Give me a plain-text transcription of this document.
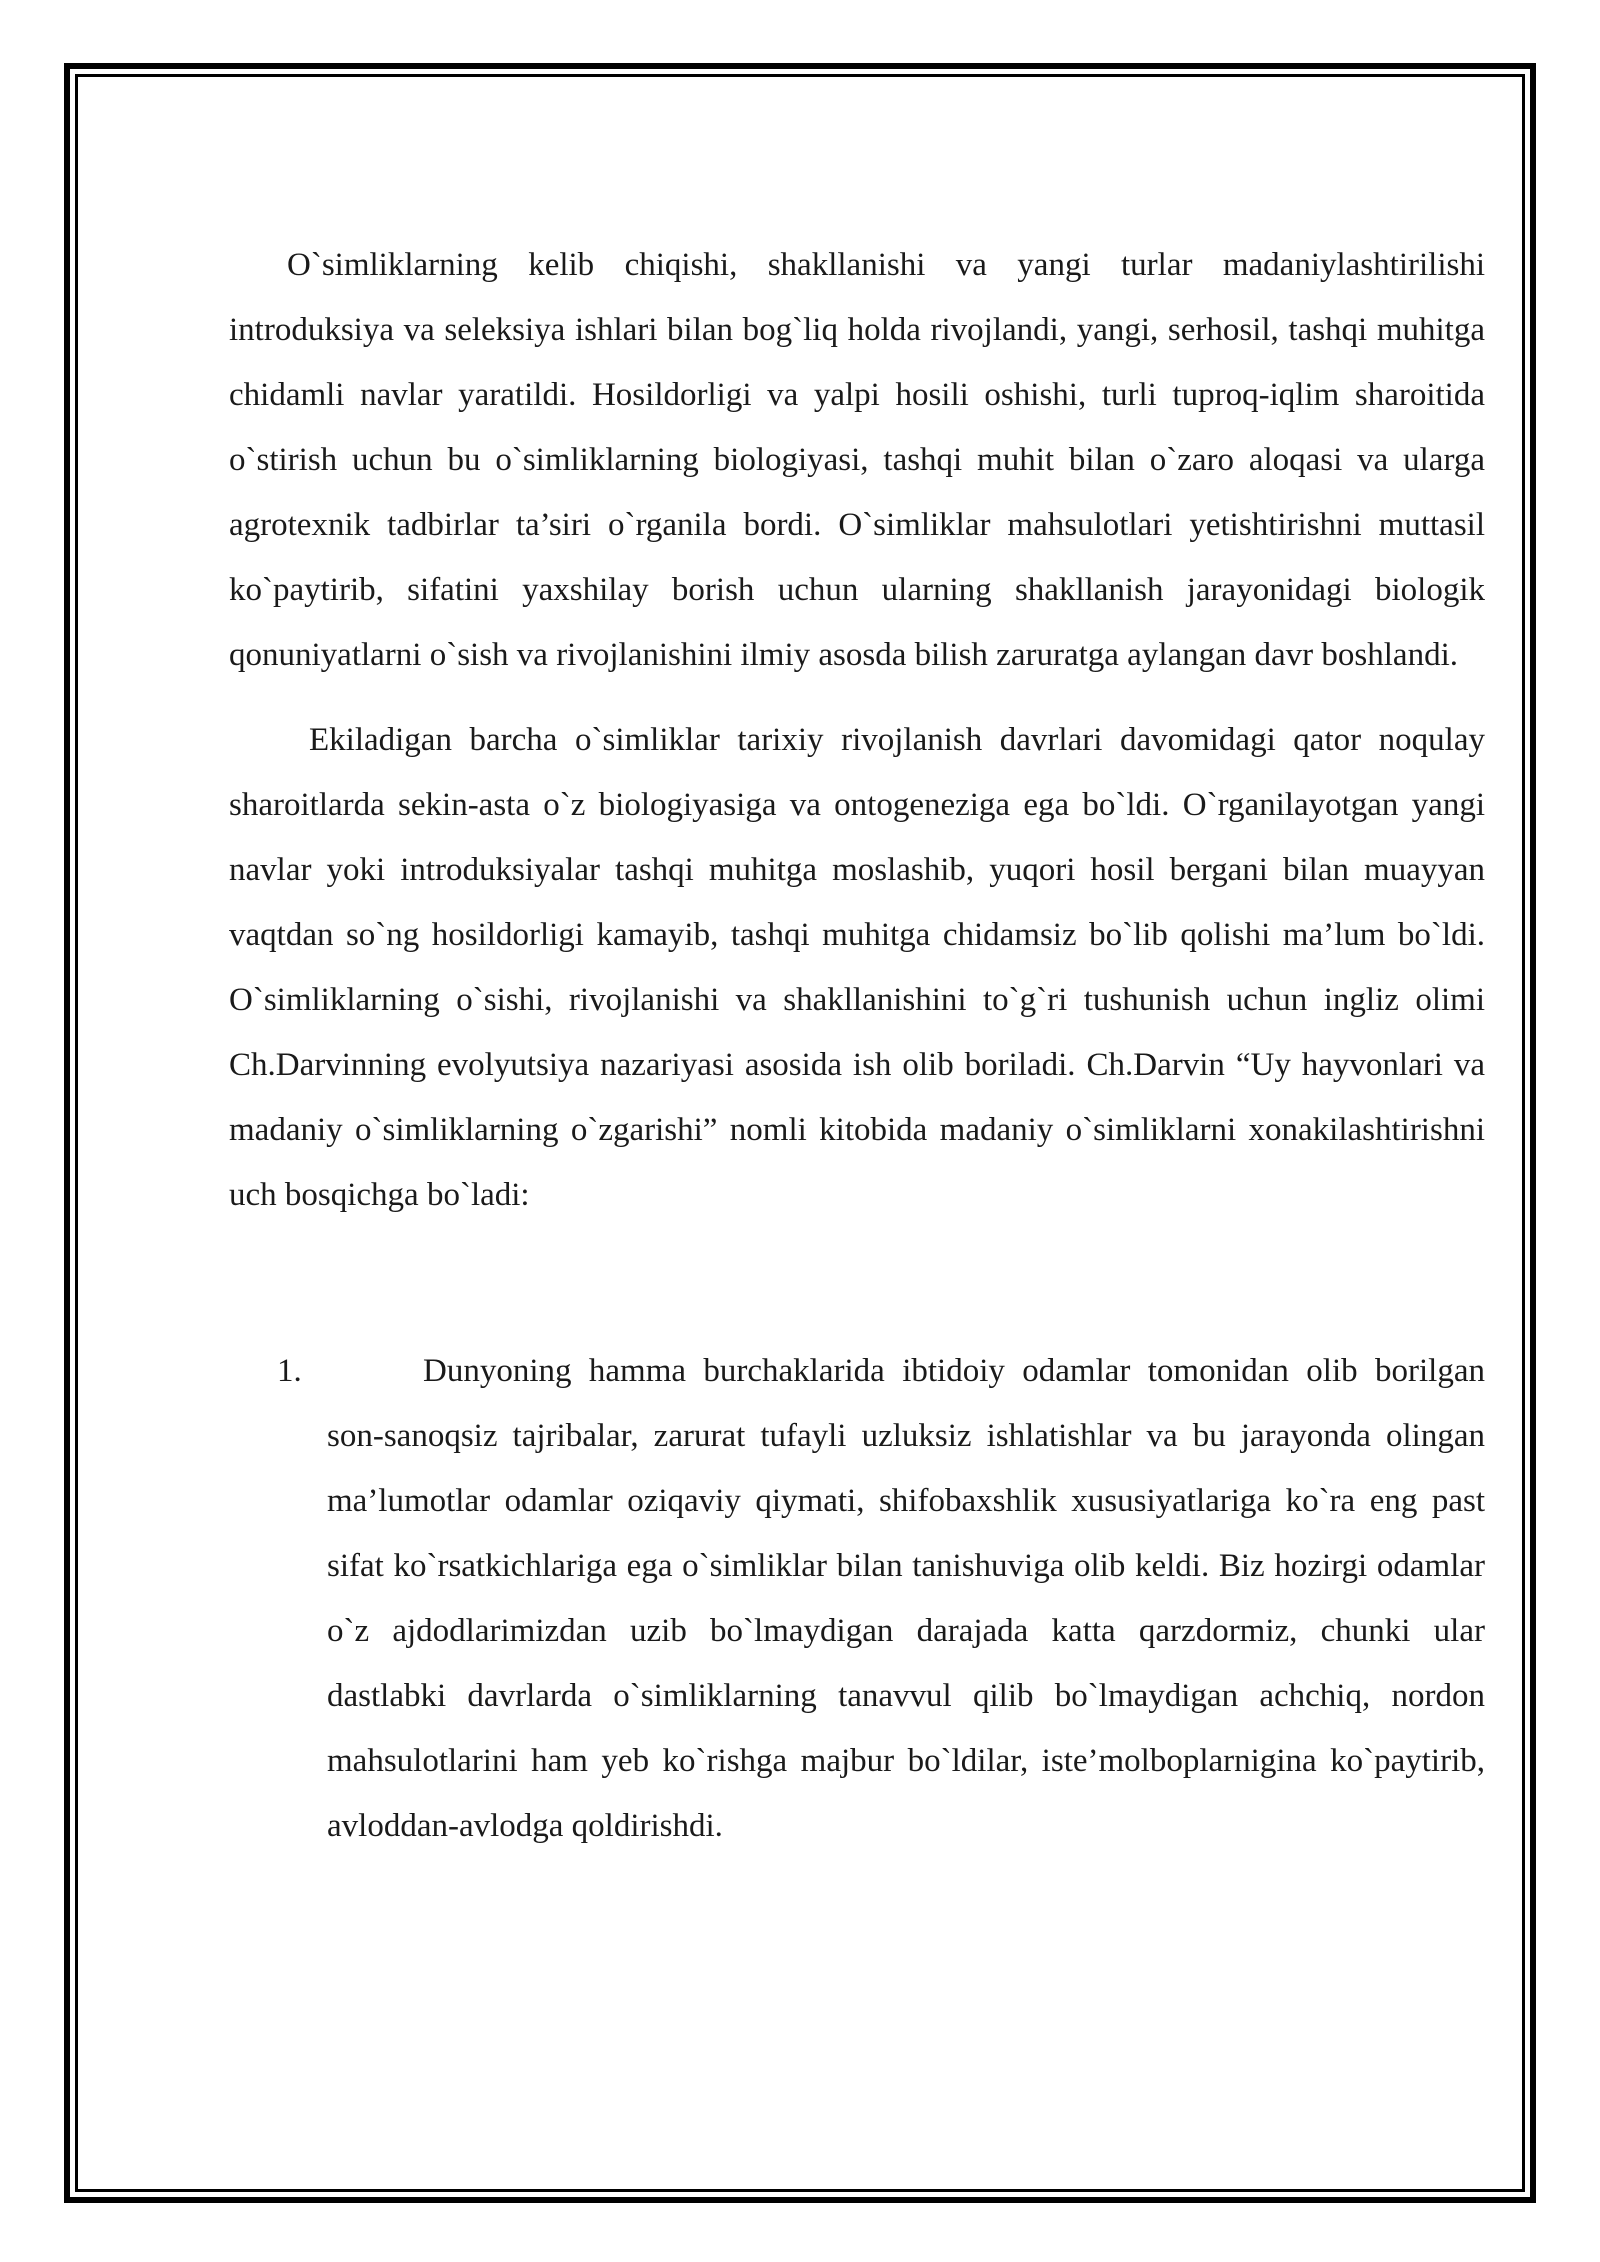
O`simliklarning kelib chiqishi, shakllanishi va yangi turlar madaniylashtirilishi introduksiya va seleksiya ishlari bilan bog`liq holda rivojlandi, yangi, serhosil, tashqi muhitga chidamli navlar yaratildi. Hosildorligi va yalpi hosili oshishi, turli tuproq-iqlim sharoitida o`stirish uchun bu o`simliklarning biologiyasi, tashqi muhit bilan o`zaro aloqasi va ularga agrotexnik tadbirlar ta’siri o`rganila bordi. O`simliklar mahsulotlari yetishtirishni muttasil ko`paytirib, sifatini yaxshilay borish uchun ularning shakllanish jarayonidagi biologik qonuniyatlarni o`sish va rivojlanishini ilmiy asosda bilish zaruratga aylangan davr boshlandi.

Ekiladigan barcha o`simliklar tarixiy rivojlanish davrlari davomidagi qator noqulay sharoitlarda sekin-asta o`z biologiyasiga va ontogeneziga ega bo`ldi. O`rganilayotgan yangi navlar yoki introduksiyalar tashqi muhitga moslashib, yuqori hosil bergani bilan muayyan vaqtdan so`ng hosildorligi kamayib, tashqi muhitga chidamsiz bo`lib qolishi ma’lum bo`ldi. O`simliklarning o`sishi, rivojlanishi va shakllanishini to`g`ri tushunish uchun ingliz olimi Ch.Darvinning evolyutsiya nazariyasi asosida ish olib boriladi. Ch.Darvin “Uy hayvonlari va madaniy o`simliklarning o`zgarishi” nomli kitobida madaniy o`simliklarni xonakilashtirishni uch bosqichga bo`ladi:

1.	Dunyoning hamma burchaklarida ibtidoiy odamlar tomonidan olib borilgan son-sanoqsiz tajribalar, zarurat tufayli uzluksiz ishlatishlar va bu jarayonda olingan ma’lumotlar odamlar oziqaviy qiymati, shifobaxshlik xususiyatlariga ko`ra eng past sifat ko`rsatkichlariga ega o`simliklar bilan tanishuviga olib keldi. Biz hozirgi odamlar o`z ajdodlarimizdan uzib bo`lmaydigan darajada katta qarzdormiz, chunki ular dastlabki davrlarda o`simliklarning tanavvul qilib bo`lmaydigan achchiq, nordon mahsulotlarini ham yeb ko`rishga majbur bo`ldilar, iste’molboplarnigina ko`paytirib, avloddan-avlodga qoldirishdi.
